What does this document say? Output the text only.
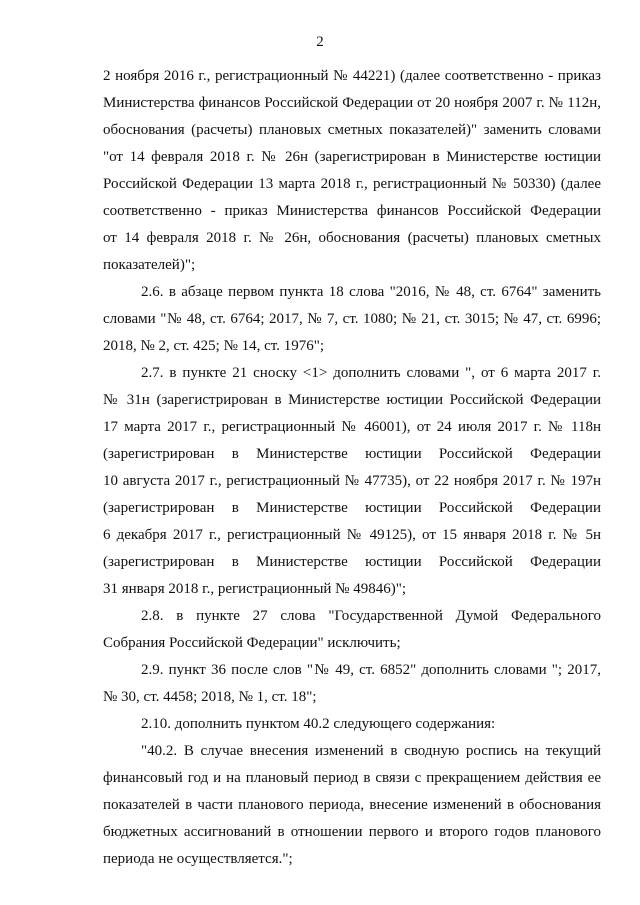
2
2 ноября 2016 г., регистрационный № 44221) (далее соответственно - приказ
Министерства финансов Российской Федерации от 20 ноября 2007 г. № 112н,
обоснования (расчеты) плановых сметных показателей)" заменить словами
"от 14 февраля 2018 г. № 26н (зарегистрирован в Министерстве юстиции
Российской Федерации 13 марта 2018 г., регистрационный № 50330) (далее
соответственно - приказ Министерства финансов Российской Федерации
от 14 февраля 2018 г. № 26н, обоснования (расчеты) плановых сметных
показателей)";
2.6. в абзаце первом пункта 18 слова "2016, № 48, ст. 6764" заменить
словами "№ 48, ст. 6764; 2017, № 7, ст. 1080; № 21, ст. 3015; № 47, ст. 6996;
2018, № 2, ст. 425; № 14, ст. 1976";
2.7. в пункте 21 сноску <1> дополнить словами ", от 6 марта 2017 г.
№ 31н (зарегистрирован в Министерстве юстиции Российской Федерации
17 марта 2017 г., регистрационный № 46001), от 24 июля 2017 г. № 118н
(зарегистрирован в Министерстве юстиции Российской Федерации
10 августа 2017 г., регистрационный № 47735), от 22 ноября 2017 г. № 197н
(зарегистрирован в Министерстве юстиции Российской Федерации
6 декабря 2017 г., регистрационный № 49125), от 15 января 2018 г. № 5н
(зарегистрирован в Министерстве юстиции Российской Федерации
31 января 2018 г., регистрационный № 49846)";
2.8. в пункте 27 слова "Государственной Думой Федерального
Собрания Российской Федерации" исключить;
2.9. пункт 36 после слов "№ 49, ст. 6852" дополнить словами "; 2017,
№ 30, ст. 4458; 2018, № 1, ст. 18";
2.10. дополнить пунктом 40.2 следующего содержания:
"40.2. В случае внесения изменений в сводную роспись на текущий
финансовый год и на плановый период в связи с прекращением действия ее
показателей в части планового периода, внесение изменений в обоснования
бюджетных ассигнований в отношении первого и второго годов планового
периода не осуществляется.";
